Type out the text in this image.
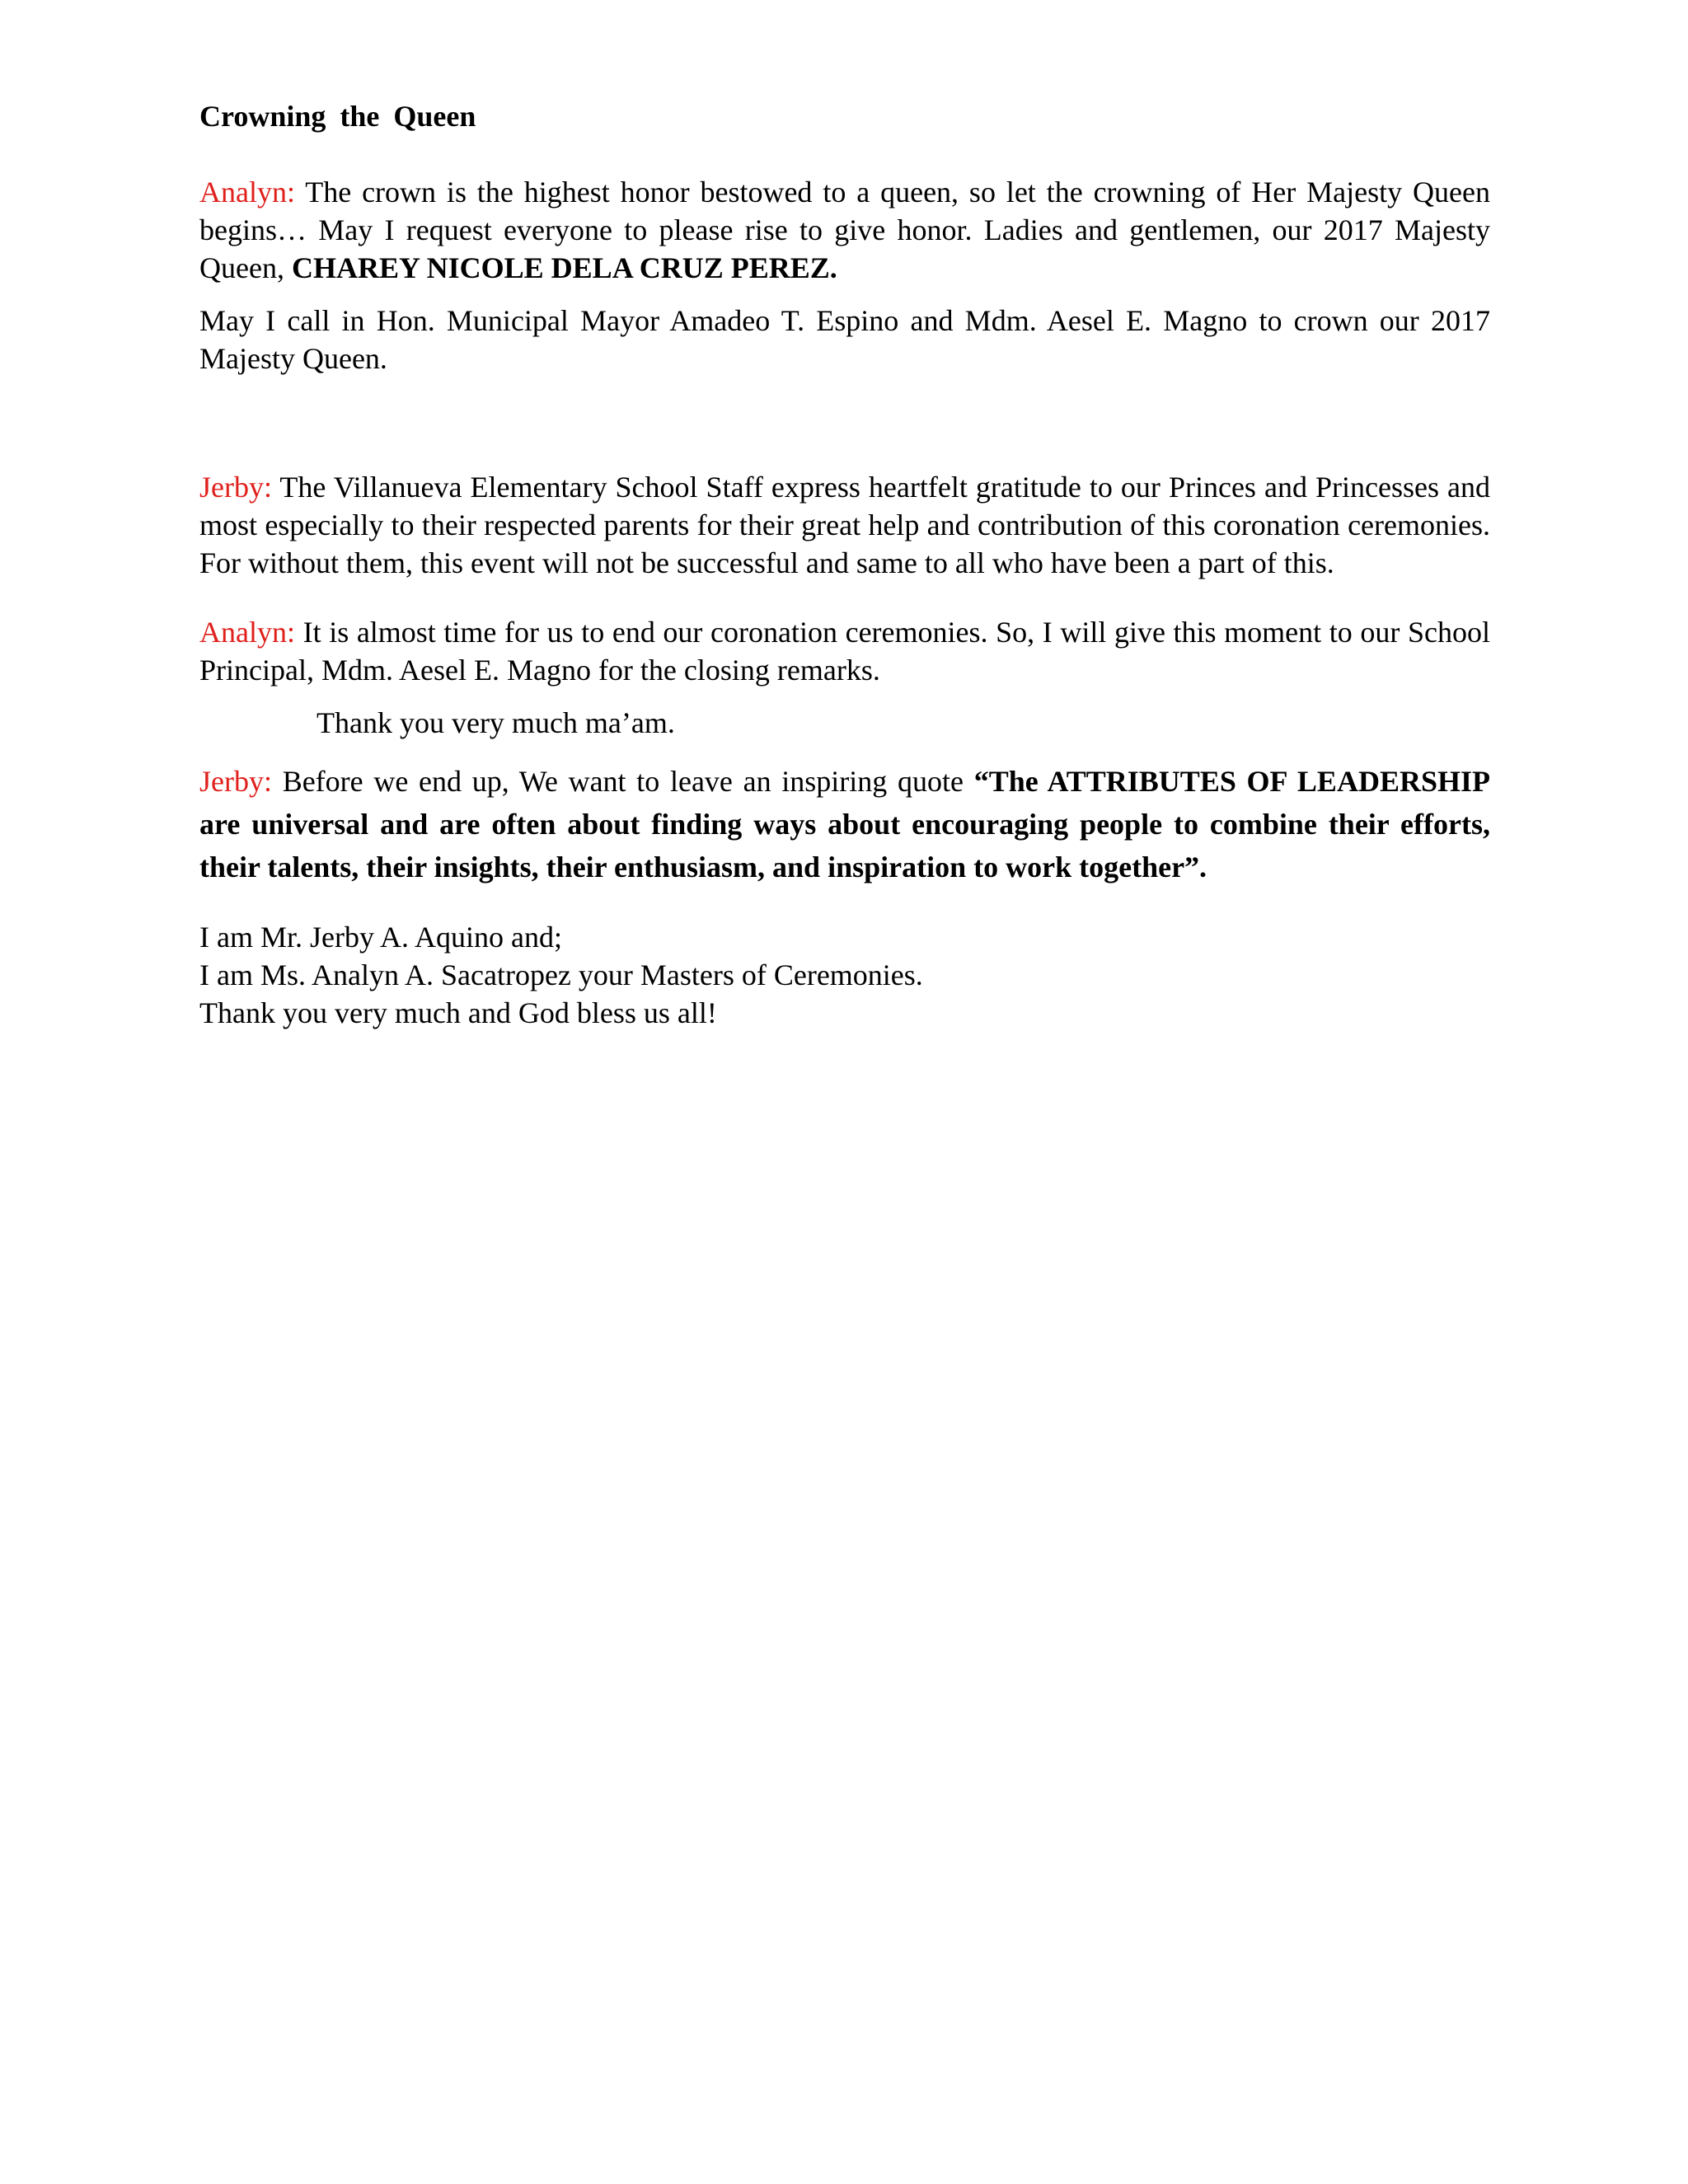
Crowning the Queen

Analyn: The crown is the highest honor bestowed to a queen, so let the crowning of Her Majesty Queen begins… May I request everyone to please rise to give honor. Ladies and gentlemen, our 2017 Majesty Queen, CHAREY NICOLE DELA CRUZ PEREZ.

May I call in Hon. Municipal Mayor Amadeo T. Espino and Mdm. Aesel E. Magno to crown our 2017 Majesty Queen.

Jerby: The Villanueva Elementary School Staff express heartfelt gratitude to our Princes and Princesses and most especially to their respected parents for their great help and contribution of this coronation ceremonies. For without them, this event will not be successful and same to all who have been a part of this.

Analyn: It is almost time for us to end our coronation ceremonies. So, I will give this moment to our School Principal, Mdm. Aesel E. Magno for the closing remarks.

Thank you very much ma’am.

Jerby: Before we end up, We want to leave an inspiring quote “The ATTRIBUTES OF LEADERSHIP are universal and are often about finding ways about encouraging people to combine their efforts, their talents, their insights, their enthusiasm, and inspiration to work together”.

I am Mr. Jerby A. Aquino and;

I am Ms. Analyn A. Sacatropez your Masters of Ceremonies.

Thank you very much and God bless us all!
